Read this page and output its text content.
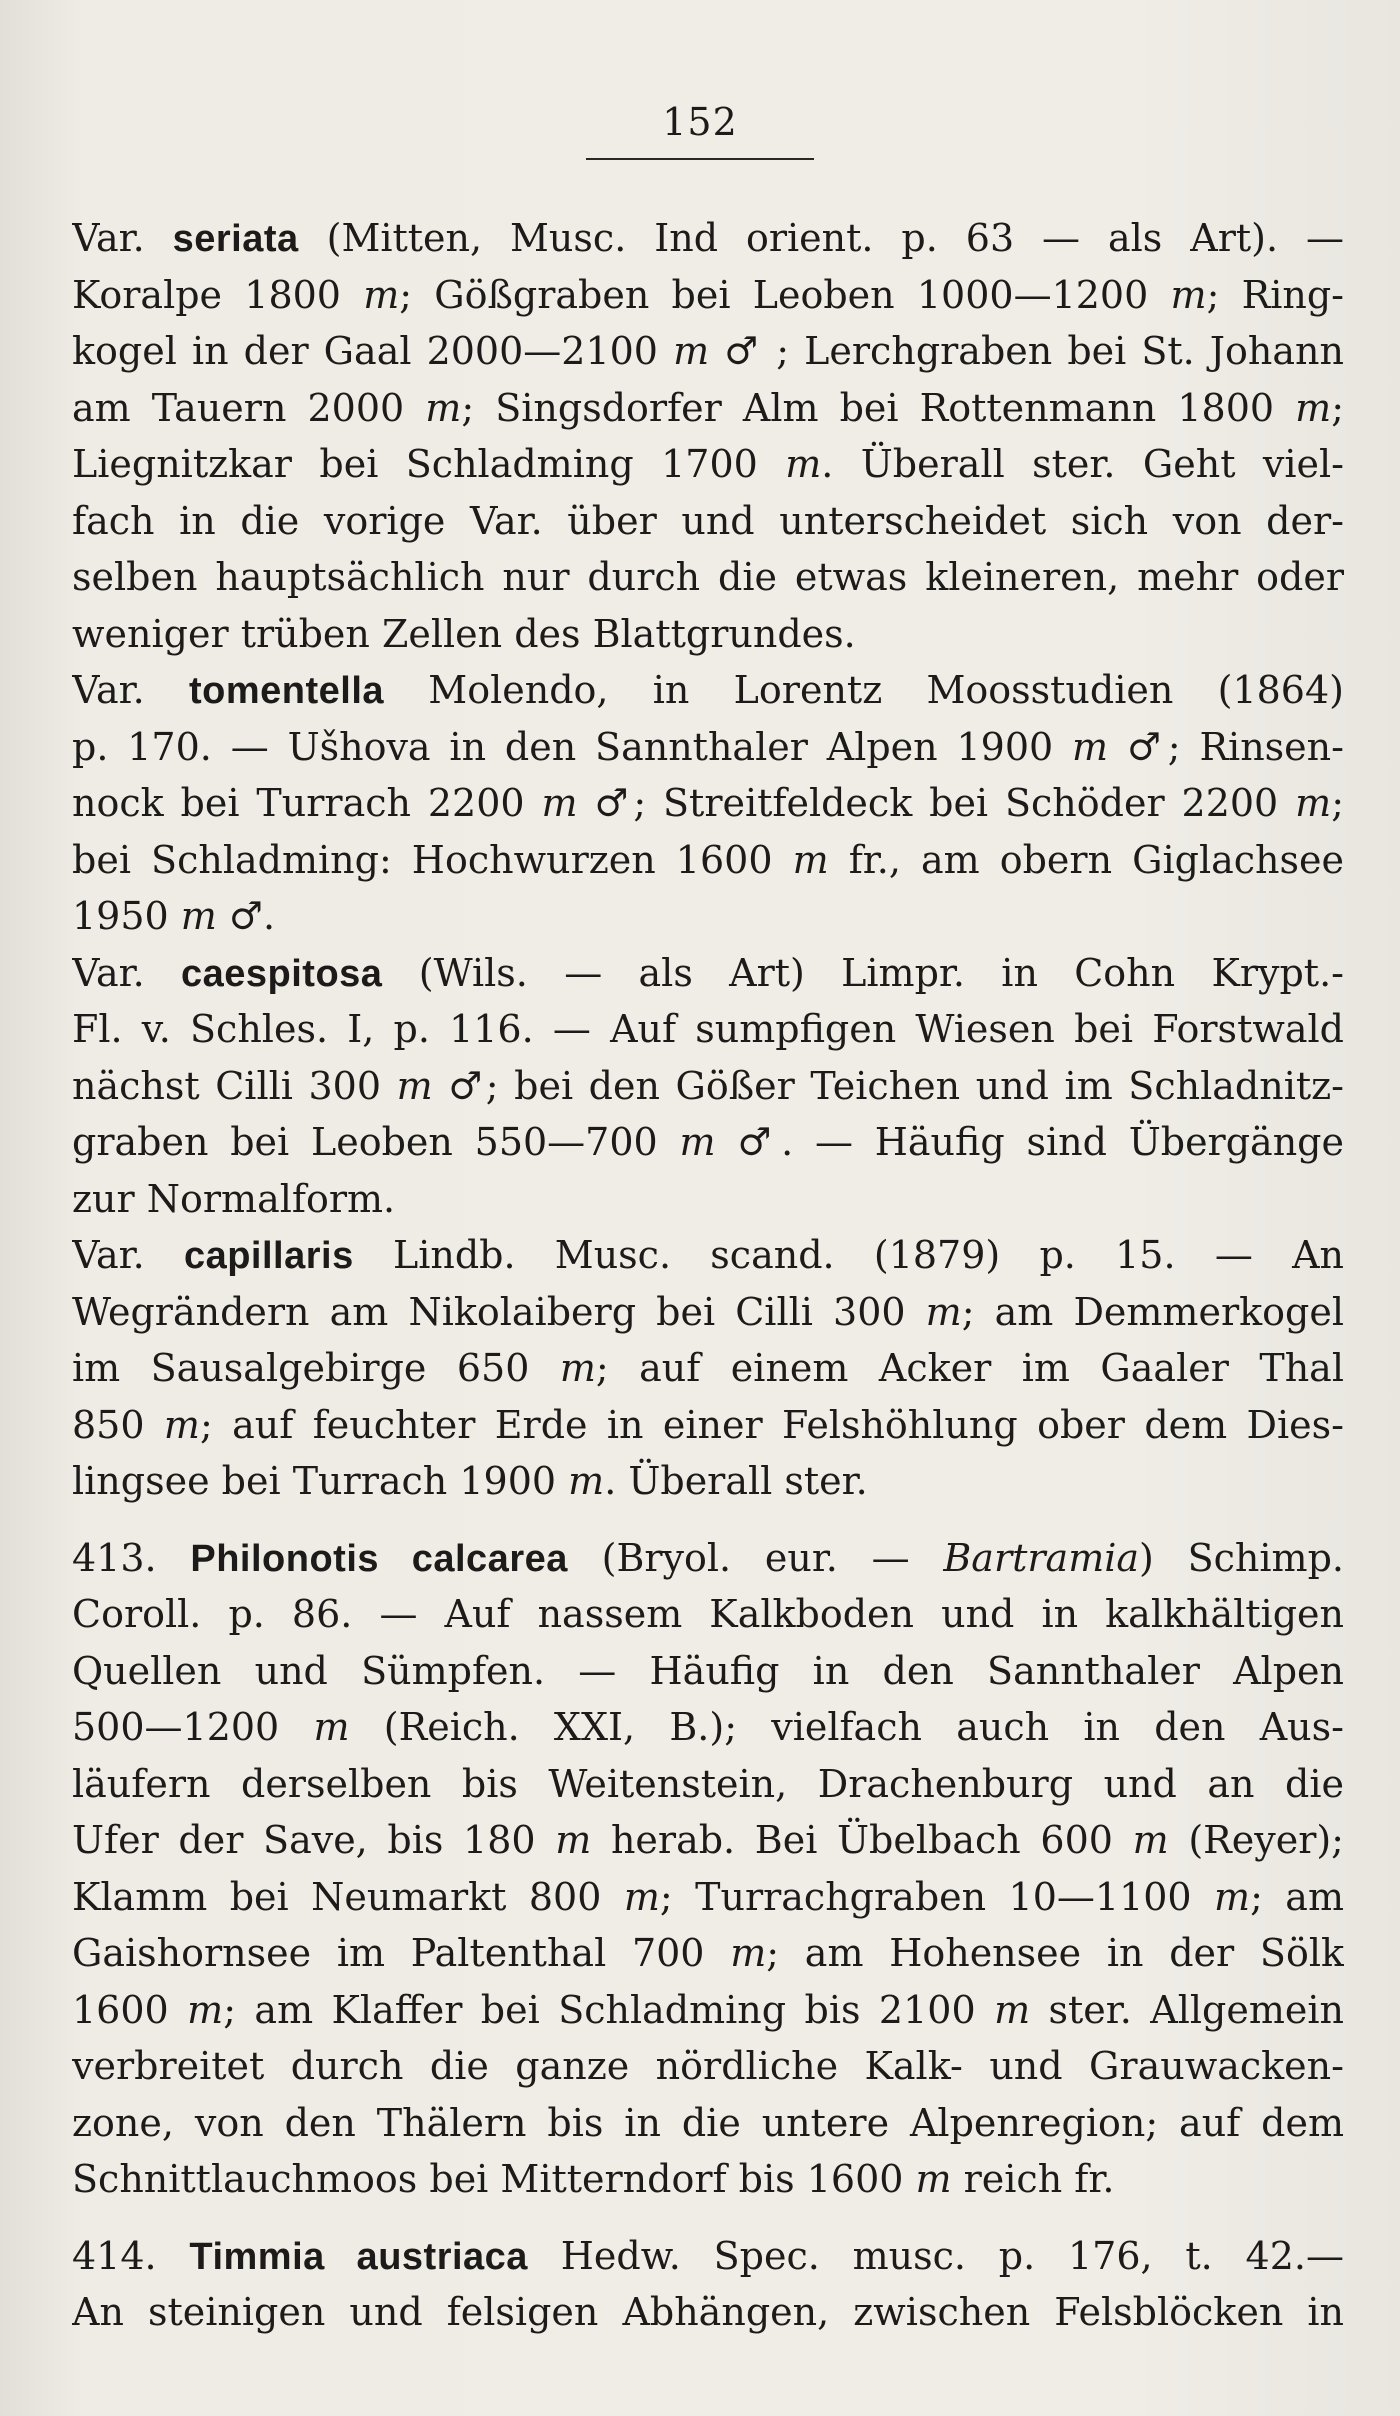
152
Var. seriata (Mitten, Musc. Ind orient. p. 63 — als Art). —
Koralpe 1800 m; Gößgraben bei Leoben 1000—1200 m; Ring-
kogel in der Gaal 2000—2100 m ♂ ; Lerchgraben bei St. Johann
am Tauern 2000 m; Singsdorfer Alm bei Rottenmann 1800 m;
Liegnitzkar bei Schladming 1700 m. Überall ster. Geht viel-
fach in die vorige Var. über und unterscheidet sich von der-
selben hauptsächlich nur durch die etwas kleineren, mehr oder
weniger trüben Zellen des Blattgrundes.
Var. tomentella Molendo, in Lorentz Moosstudien (1864)
p. 170. — Ušhova in den Sannthaler Alpen 1900 m ♂; Rinsen-
nock bei Turrach 2200 m ♂; Streitfeldeck bei Schöder 2200 m;
bei Schladming: Hochwurzen 1600 m fr., am obern Giglachsee
1950 m ♂.
Var. caespitosa (Wils. — als Art) Limpr. in Cohn Krypt.-
Fl. v. Schles. I, p. 116. — Auf sumpfigen Wiesen bei Forstwald
nächst Cilli 300 m ♂; bei den Gößer Teichen und im Schladnitz-
graben bei Leoben 550—700 m ♂. — Häufig sind Übergänge
zur Normalform.
Var. capillaris Lindb. Musc. scand. (1879) p. 15. — An
Wegrändern am Nikolaiberg bei Cilli 300 m; am Demmerkogel
im Sausalgebirge 650 m; auf einem Acker im Gaaler Thal
850 m; auf feuchter Erde in einer Felshöhlung ober dem Dies-
lingsee bei Turrach 1900 m. Überall ster.
413. Philonotis calcarea (Bryol. eur. — Bartramia) Schimp.
Coroll. p. 86. — Auf nassem Kalkboden und in kalkhältigen
Quellen und Sümpfen. — Häufig in den Sannthaler Alpen
500—1200 m (Reich. XXI, B.); vielfach auch in den Aus-
läufern derselben bis Weitenstein, Drachenburg und an die
Ufer der Save, bis 180 m herab. Bei Übelbach 600 m (Reyer);
Klamm bei Neumarkt 800 m; Turrachgraben 10—1100 m; am
Gaishornsee im Paltenthal 700 m; am Hohensee in der Sölk
1600 m; am Klaffer bei Schladming bis 2100 m ster. Allgemein
verbreitet durch die ganze nördliche Kalk- und Grauwacken-
zone, von den Thälern bis in die untere Alpenregion; auf dem
Schnittlauchmoos bei Mitterndorf bis 1600 m reich fr.
414. Timmia austriaca Hedw. Spec. musc. p. 176, t. 42.—
An steinigen und felsigen Abhängen, zwischen Felsblöcken in
